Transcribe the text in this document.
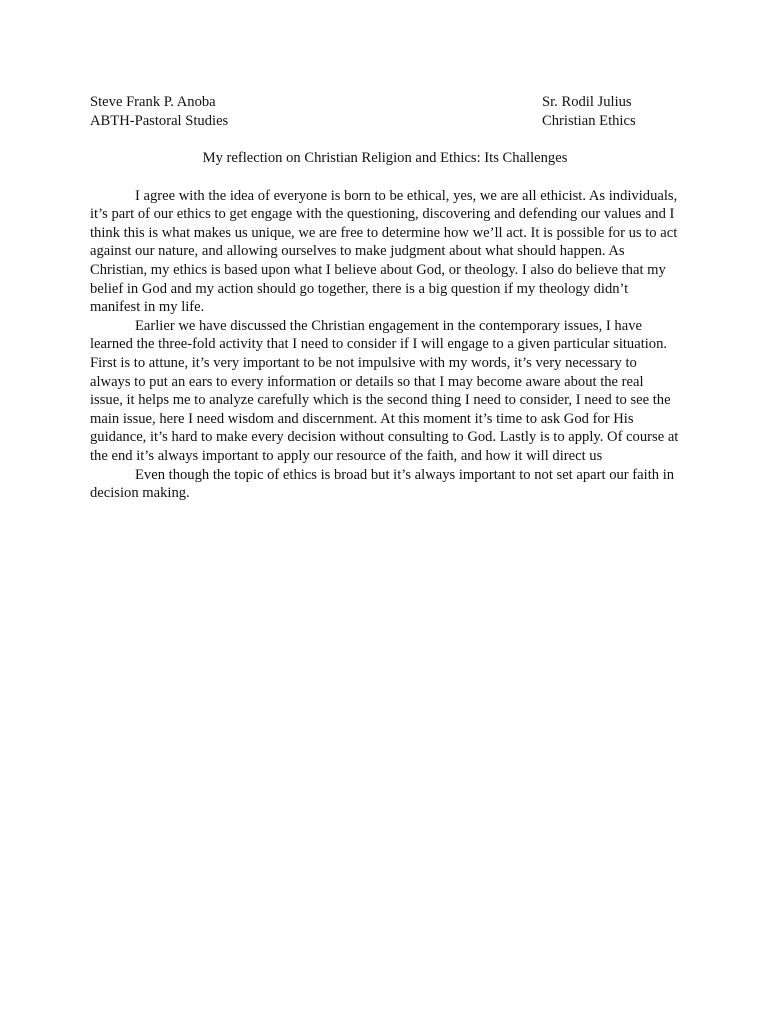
Steve Frank P. Anoba
ABTH-Pastoral Studies
Sr. Rodil Julius
Christian Ethics
My reflection on Christian Religion and Ethics: Its Challenges

I agree with the idea of everyone is born to be ethical, yes, we are all ethicist. As individuals, it’s part of our ethics to get engage with the questioning, discovering and defending our values and I think this is what makes us unique, we are free to determine how we’ll act. It is possible for us to act against our nature, and allowing ourselves to make judgment about what should happen. As Christian, my ethics is based upon what I believe about God, or theology. I also do believe that my belief in God and my action should go together, there is a big question if my theology didn’t manifest in my life.

Earlier we have discussed the Christian engagement in the contemporary issues, I have learned the three-fold activity that I need to consider if I will engage to a given particular situation. First is to attune, it’s very important to be not impulsive with my words, it’s very necessary to always to put an ears to every information or details so that I may become aware about the real issue, it helps me to analyze carefully which is the second thing I need to consider, I need to see the main issue, here I need wisdom and discernment. At this moment it’s time to ask God for His guidance, it’s hard to make every decision without consulting to God. Lastly is to apply. Of course at the end it’s always important to apply our resource of the faith, and how it will direct us

Even though the topic of ethics is broad but it’s always important to not set apart our faith in decision making.
